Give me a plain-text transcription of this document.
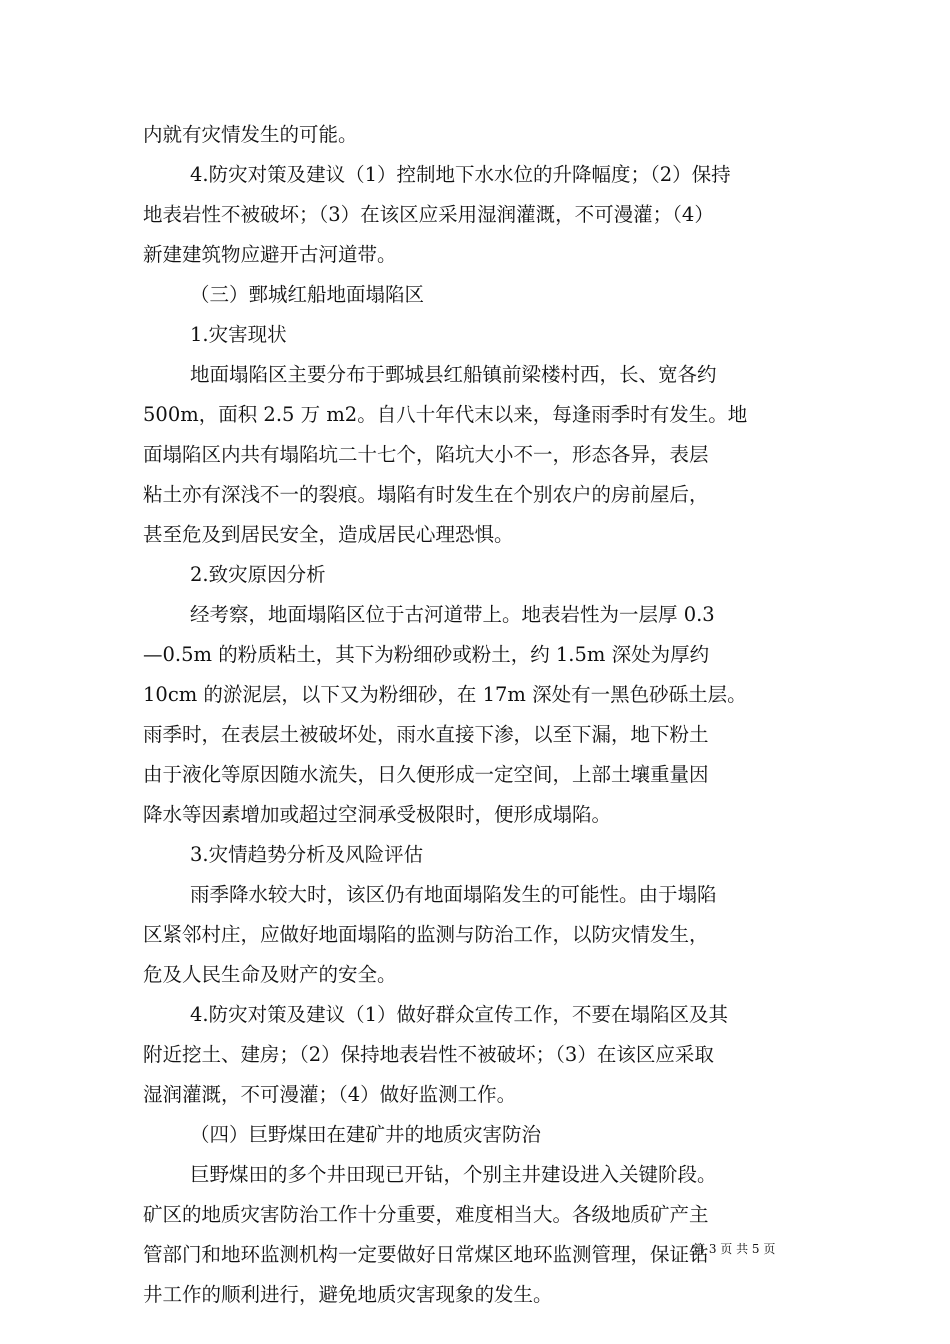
内就有灾情发生的可能。
4.防灾对策及建议（1）控制地下水水位的升降幅度；（2）保持
地表岩性不被破坏；（3）在该区应采用湿润灌溉，不可漫灌；（4）
新建建筑物应避开古河道带。
（三）鄄城红船地面塌陷区
1.灾害现状
地面塌陷区主要分布于鄄城县红船镇前梁楼村西，长、宽各约
500m，面积 2.5 万 m2。自八十年代末以来，每逢雨季时有发生。地
面塌陷区内共有塌陷坑二十七个，陷坑大小不一，形态各异，表层
粘土亦有深浅不一的裂痕。塌陷有时发生在个别农户的房前屋后，
甚至危及到居民安全，造成居民心理恐惧。
2.致灾原因分析
经考察，地面塌陷区位于古河道带上。地表岩性为一层厚 0.3
—0.5m 的粉质粘土，其下为粉细砂或粉土，约 1.5m 深处为厚约
10cm 的淤泥层，以下又为粉细砂，在 17m 深处有一黑色砂砾土层。
雨季时，在表层土被破坏处，雨水直接下渗，以至下漏，地下粉土
由于液化等原因随水流失，日久便形成一定空间，上部土壤重量因
降水等因素增加或超过空洞承受极限时，便形成塌陷。
3.灾情趋势分析及风险评估
雨季降水较大时，该区仍有地面塌陷发生的可能性。由于塌陷
区紧邻村庄，应做好地面塌陷的监测与防治工作，以防灾情发生，
危及人民生命及财产的安全。
4.防灾对策及建议（1）做好群众宣传工作，不要在塌陷区及其
附近挖土、建房；（2）保持地表岩性不被破坏；（3）在该区应采取
湿润灌溉，不可漫灌；（4）做好监测工作。
（四）巨野煤田在建矿井的地质灾害防治
巨野煤田的多个井田现已开钻，个别主井建设进入关键阶段。
矿区的地质灾害防治工作十分重要，难度相当大。各级地质矿产主
管部门和地环监测机构一定要做好日常煤区地环监测管理，保证钻
井工作的顺利进行，避免地质灾害现象的发生。
第 3 页 共 5 页
